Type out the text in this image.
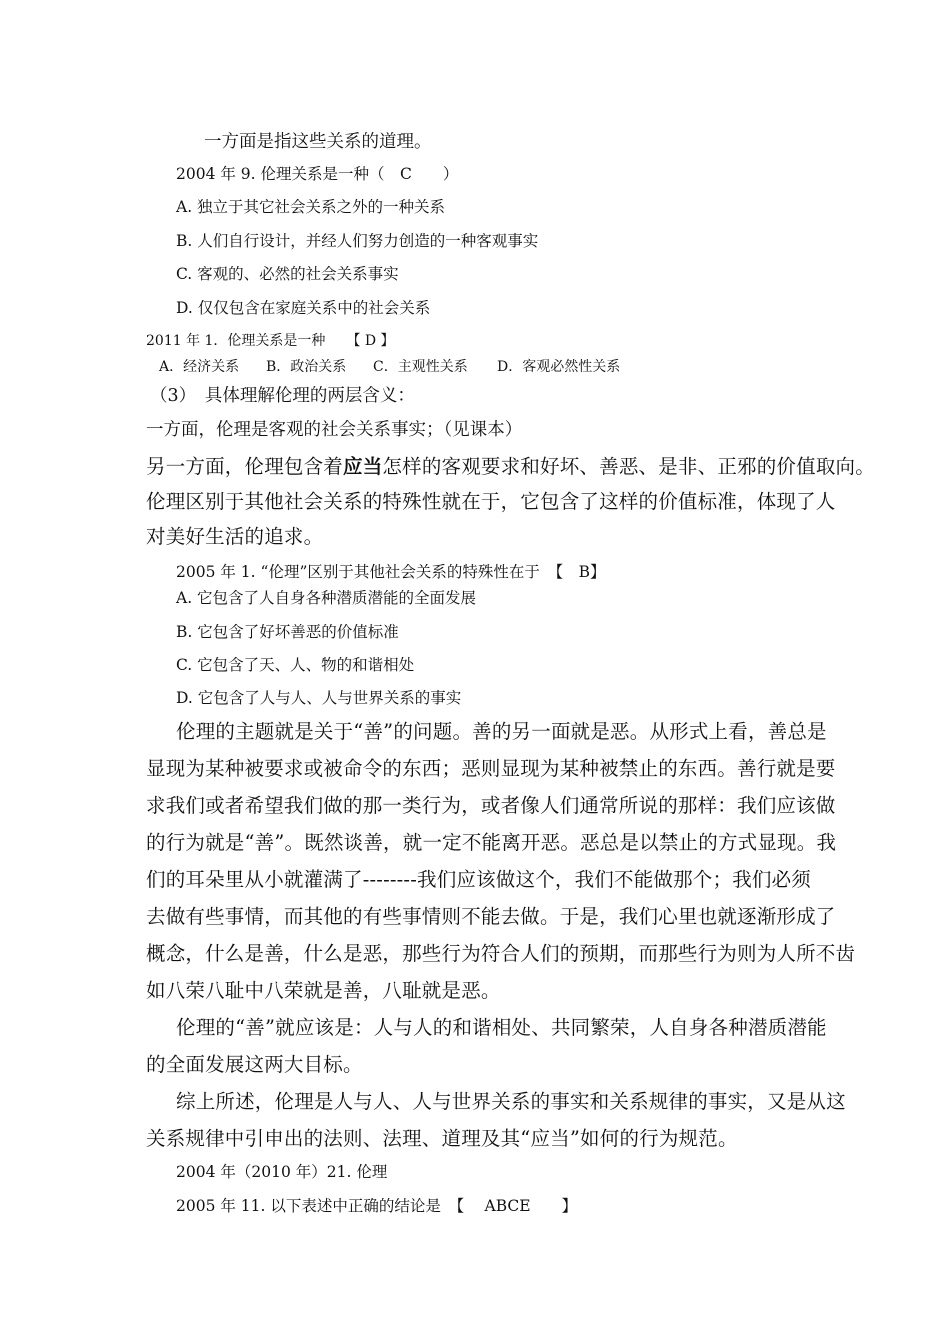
一方面是指这些关系的道理。
2004 年 9. 伦理关系是一种（　C　　）
A. 独立于其它社会关系之外的一种关系
B. 人们自行设计，并经人们努力创造的一种客观事实
C. 客观的、必然的社会关系事实
D. 仅仅包含在家庭关系中的社会关系
2011 年 1．伦理关系是一种　　【 D 】
A．经济关系 B．政治关系 C．主观性关系 D．客观必然性关系
（3）　具体理解伦理的两层含义：
一方面，伦理是客观的社会关系事实；（见课本）
另一方面，伦理包含着应当怎样的客观要求和好坏、善恶、是非、正邪的价值取向。
伦理区别于其他社会关系的特殊性就在于，它包含了这样的价值标准，体现了人
对美好生活的追求。
2005 年 1. “伦理”区别于其他社会关系的特殊性在于　【　B】
A. 它包含了人自身各种潜质潜能的全面发展
B. 它包含了好坏善恶的价值标准
C. 它包含了天、人、物的和谐相处
D. 它包含了人与人、人与世界关系的事实
伦理的主题就是关于“善”的问题。善的另一面就是恶。从形式上看，善总是
显现为某种被要求或被命令的东西；恶则显现为某种被禁止的东西。善行就是要
求我们或者希望我们做的那一类行为，或者像人们通常所说的那样：我们应该做
的行为就是“善”。既然谈善，就一定不能离开恶。恶总是以禁止的方式显现。我
们的耳朵里从小就灌满了--------我们应该做这个，我们不能做那个；我们必须
去做有些事情，而其他的有些事情则不能去做。于是，我们心里也就逐渐形成了
概念，什么是善，什么是恶，那些行为符合人们的预期，而那些行为则为人所不齿
如八荣八耻中八荣就是善，八耻就是恶。
伦理的“善”就应该是：人与人的和谐相处、共同繁荣，人自身各种潜质潜能
的全面发展这两大目标。
综上所述，伦理是人与人、人与世界关系的事实和关系规律的事实，又是从这
关系规律中引申出的法则、法理、道理及其“应当”如何的行为规范。
2004 年（2010 年）21. 伦理
2005 年 11. 以下表述中正确的结论是　【　 ABCE　　】
